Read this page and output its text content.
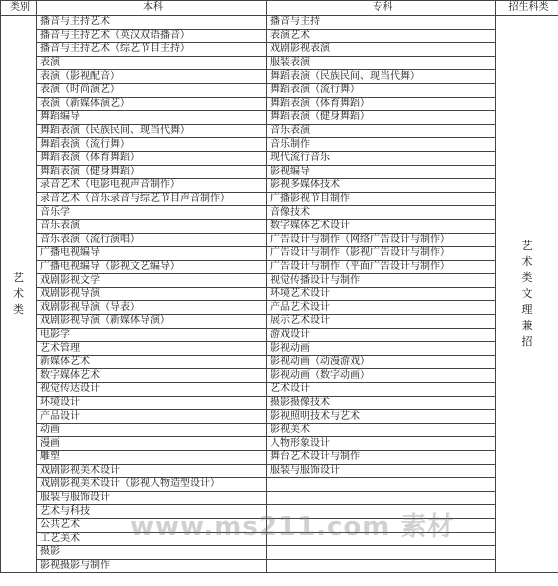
类别	本科	专科	招生科类
艺术类	播音与主持艺术	播音与主持	艺术类文理兼招
	播音与主持艺术（英汉双语播音）	表演艺术	
	播音与主持艺术（综艺节目主持）	戏剧影视表演	
	表演	服装表演	
	表演（影视配音）	舞蹈表演（民族民间、现当代舞）	
	表演（时尚演艺）	舞蹈表演（流行舞）	
	表演（新媒体演艺）	舞蹈表演（体育舞蹈）	
	舞蹈编导	舞蹈表演（健身舞蹈）	
	舞蹈表演（民族民间、现当代舞）	音乐表演	
	舞蹈表演（流行舞）	音乐制作	
	舞蹈表演（体育舞蹈）	现代流行音乐	
	舞蹈表演（健身舞蹈）	影视编导	
	录音艺术（电影电视声音制作）	影视多媒体技术	
	录音艺术（音乐录音与综艺节目声音制作）	广播影视节目制作	
	音乐学	音像技术	
	音乐表演	数字媒体艺术设计	
	音乐表演（流行演唱）	广告设计与制作（网络广告设计与制作）	
	广播电视编导	广告设计与制作（影视广告设计与制作）	
	广播电视编导（影视文艺编导）	广告设计与制作（平面广告设计与制作）	
	戏剧影视文学	视觉传播设计与制作	
	戏剧影视导演	环境艺术设计	
	戏剧影视导演（导表）	产品艺术设计	
	戏剧影视导演（新媒体导演）	展示艺术设计	
	电影学	游戏设计	
	艺术管理	影视动画	
	新媒体艺术	影视动画（动漫游戏）	
	数字媒体艺术	影视动画（数字动画）	
	视觉传达设计	艺术设计	
	环境设计	摄影摄像技术	
	产品设计	影视照明技术与艺术	
	动画	影视美术	
	漫画	人物形象设计	
	雕塑	舞台艺术设计与制作	
	戏剧影视美术设计	服装与服饰设计	
	戏剧影视美术设计（影视人物造型设计）		
	服装与服饰设计		
	艺术与科技		
	公共艺术		
	工艺美术		
	摄影		
	影视摄影与制作		
www.ms211.com 素材
